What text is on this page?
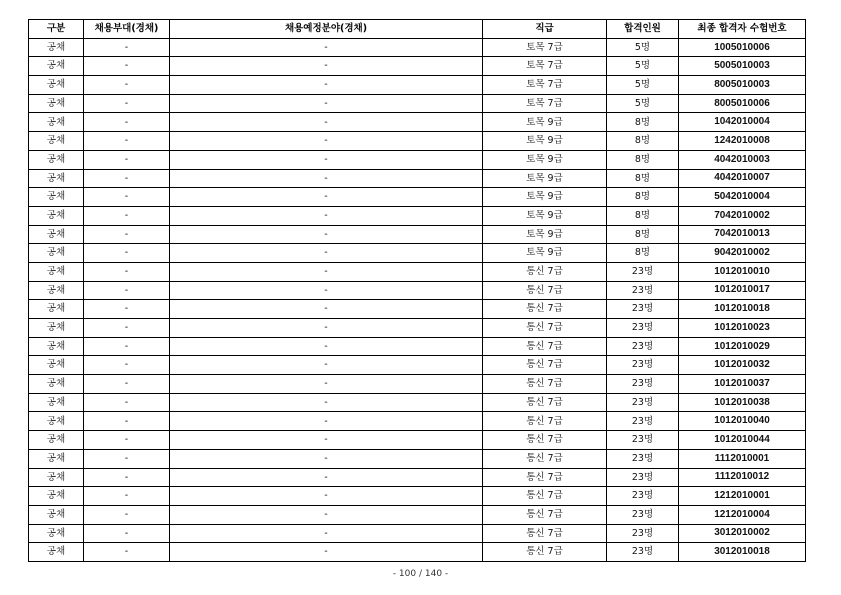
구분	채용부대(경채)	채용예정분야(경채)	직급	합격인원	최종 합격자 수험번호
공채	-	-	토목 7급	5명	1005010006
공채	-	-	토목 7급	5명	5005010003
공채	-	-	토목 7급	5명	8005010003
공채	-	-	토목 7급	5명	8005010006
공채	-	-	토목 9급	8명	1042010004
공채	-	-	토목 9급	8명	1242010008
공채	-	-	토목 9급	8명	4042010003
공채	-	-	토목 9급	8명	4042010007
공채	-	-	토목 9급	8명	5042010004
공채	-	-	토목 9급	8명	7042010002
공채	-	-	토목 9급	8명	7042010013
공채	-	-	토목 9급	8명	9042010002
공채	-	-	통신 7급	23명	1012010010
공채	-	-	통신 7급	23명	1012010017
공채	-	-	통신 7급	23명	1012010018
공채	-	-	통신 7급	23명	1012010023
공채	-	-	통신 7급	23명	1012010029
공채	-	-	통신 7급	23명	1012010032
공채	-	-	통신 7급	23명	1012010037
공채	-	-	통신 7급	23명	1012010038
공채	-	-	통신 7급	23명	1012010040
공채	-	-	통신 7급	23명	1012010044
공채	-	-	통신 7급	23명	1112010001
공채	-	-	통신 7급	23명	1112010012
공채	-	-	통신 7급	23명	1212010001
공채	-	-	통신 7급	23명	1212010004
공채	-	-	통신 7급	23명	3012010002
공채	-	-	통신 7급	23명	3012010018
- 100 / 140 -
